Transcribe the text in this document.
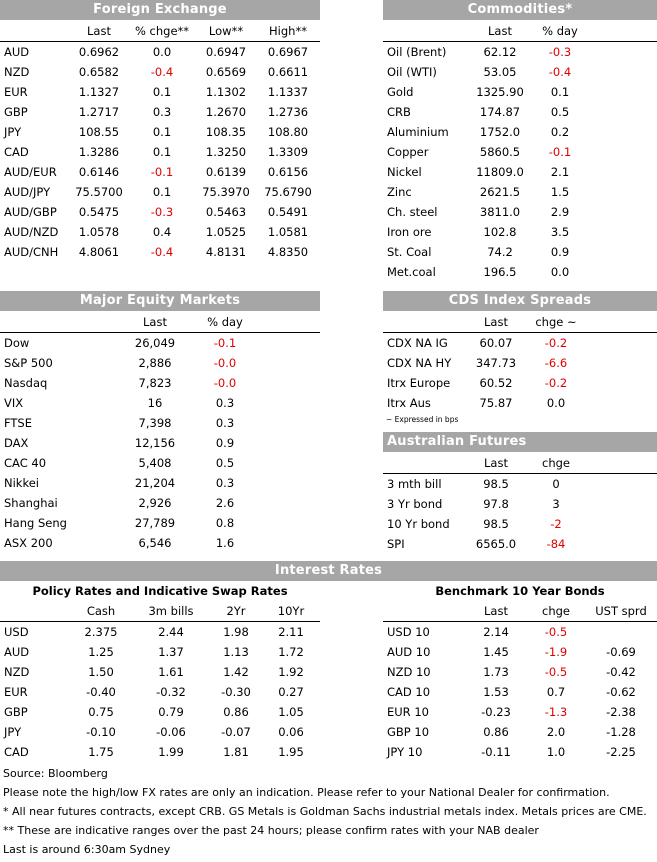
Foreign Exchange
	Last	% chge**	Low**	High**
AUD	0.6962	0.0	0.6947	0.6967
NZD	0.6582	-0.4	0.6569	0.6611
EUR	1.1327	0.1	1.1302	1.1337
GBP	1.2717	0.3	1.2670	1.2736
JPY	108.55	0.1	108.35	108.80
CAD	1.3286	0.1	1.3250	1.3309
AUD/EUR	0.6146	-0.1	0.6139	0.6156
AUD/JPY	75.5700	0.1	75.3970	75.6790
AUD/GBP	0.5475	-0.3	0.5463	0.5491
AUD/NZD	1.0578	0.4	1.0525	1.0581
AUD/CNH	4.8061	-0.4	4.8131	4.8350
Commodities*
	Last	% day	
Oil (Brent)	62.12	-0.3	
Oil (WTI)	53.05	-0.4	
Gold	1325.90	0.1	
CRB	174.87	0.5	
Aluminium	1752.0	0.2	
Copper	5860.5	-0.1	
Nickel	11809.0	2.1	
Zinc	2621.5	1.5	
Ch. steel	3811.0	2.9	
Iron ore	102.8	3.5	
St. Coal	74.2	0.9	
Met.coal	196.5	0.0	
Major Equity Markets
	Last	% day	
Dow	26,049	-0.1	
S&P 500	2,886	-0.0	
Nasdaq	7,823	-0.0	
VIX	16	0.3	
FTSE	7,398	0.3	
DAX	12,156	0.9	
CAC 40	5,408	0.5	
Nikkei	21,204	0.3	
Shanghai	2,926	2.6	
Hang Seng	27,789	0.8	
ASX 200	6,546	1.6	
CDS Index Spreads
	Last	chge ~	
CDX NA IG	60.07	-0.2	
CDX NA HY	347.73	-6.6	
Itrx Europe	60.52	-0.2	
Itrx Aus	75.87	0.0	
~ Expressed in bps
Australian Futures
	Last	chge	
3 mth bill	98.5	0	
3 Yr bond	97.8	3	
10 Yr bond	98.5	-2	
SPI	6565.0	-84	
Interest Rates
Policy Rates and Indicative Swap Rates
	Cash	3m bills	2Yr	10Yr
USD	2.375	2.44	1.98	2.11
AUD	1.25	1.37	1.13	1.72
NZD	1.50	1.61	1.42	1.92
EUR	-0.40	-0.32	-0.30	0.27
GBP	0.75	0.79	0.86	1.05
JPY	-0.10	-0.06	-0.07	0.06
CAD	1.75	1.99	1.81	1.95
Benchmark 10 Year Bonds
	Last	chge	UST sprd
USD 10	2.14	-0.5	
AUD 10	1.45	-1.9	-0.69
NZD 10	1.73	-0.5	-0.42
CAD 10	1.53	0.7	-0.62
EUR 10	-0.23	-1.3	-2.38
GBP 10	0.86	2.0	-1.28
JPY 10	-0.11	1.0	-2.25
Source: Bloomberg
Please note the high/low FX rates are only an indication. Please refer to your National Dealer for confirmation.
* All near futures contracts, except CRB. GS Metals is Goldman Sachs industrial metals index. Metals prices are CME.
** These are indicative ranges over the past 24 hours; please confirm rates with your NAB dealer
Last is around 6:30am Sydney
